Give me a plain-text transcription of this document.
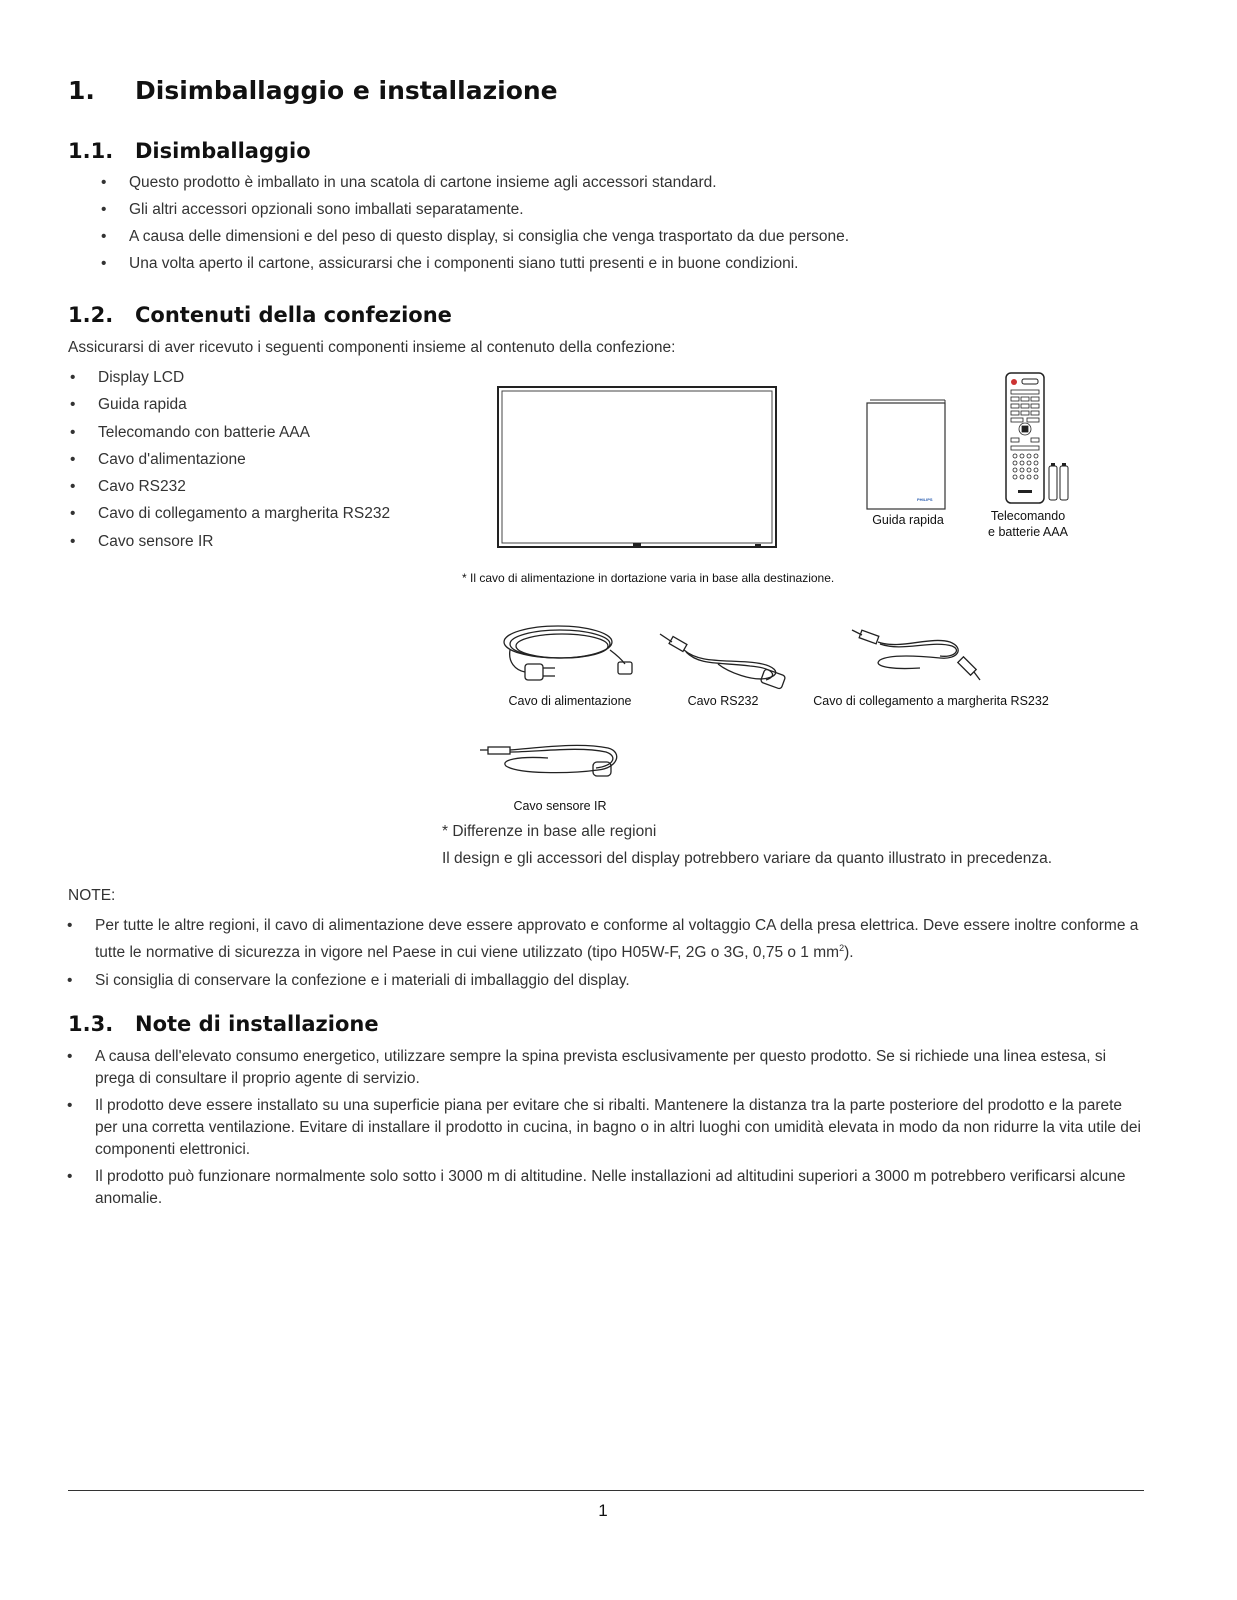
1. Disimballaggio e installazione
1.1. Disimballaggio
• Questo prodotto è imballato in una scatola di cartone insieme agli accessori standard.
• Gli altri accessori opzionali sono imballati separatamente.
• A causa delle dimensioni e del peso di questo display, si consiglia che venga trasportato da due persone.
• Una volta aperto il cartone, assicurarsi che i componenti siano tutti presenti e in buone condizioni.
1.2. Contenuti della confezione
Assicurarsi di aver ricevuto i seguenti componenti insieme al contenuto della confezione:
• Display LCD
• Guida rapida
• Telecomando con batterie AAA
• Cavo d'alimentazione
• Cavo RS232
• Cavo di collegamento a margherita RS232
• Cavo sensore IR
PHILIPS
Guida rapida	Telecomando
e batterie AAA
* Il cavo di alimentazione in dortazione varia in base alla destinazione.
Cavo di alimentazione	Cavo RS232	Cavo di collegamento a margherita RS232
Cavo sensore IR
* Differenze in base alle regioni
Il design e gli accessori del display potrebbero variare da quanto illustrato in precedenza.
NOTE:
• Per tutte le altre regioni, il cavo di alimentazione deve essere approvato e conforme al voltaggio CA della presa elettrica. Deve essere inoltre conforme a tutte le normative di sicurezza in vigore nel Paese in cui viene utilizzato (tipo H05W-F, 2G o 3G, 0,75 o 1 $mm^2$).
• Si consiglia di conservare la confezione e i materiali di imballaggio del display.
1.3. Note di installazione
• A causa dell'elevato consumo energetico, utilizzare sempre la spina prevista esclusivamente per questo prodotto. Se si richiede una linea estesa, si prega di consultare il proprio agente di servizio.
• Il prodotto deve essere installato su una superficie piana per evitare che si ribalti. Mantenere la distanza tra la parte posteriore del prodotto e la parete per una corretta ventilazione. Evitare di installare il prodotto in cucina, in bagno o in altri luoghi con umidità elevata in modo da non ridurre la vita utile dei componenti elettronici.
• Il prodotto può funzionare normalmente solo sotto i 3000 m di altitudine. Nelle installazioni ad altitudini superiori a 3000 m potrebbero verificarsi alcune anomalie.
1
